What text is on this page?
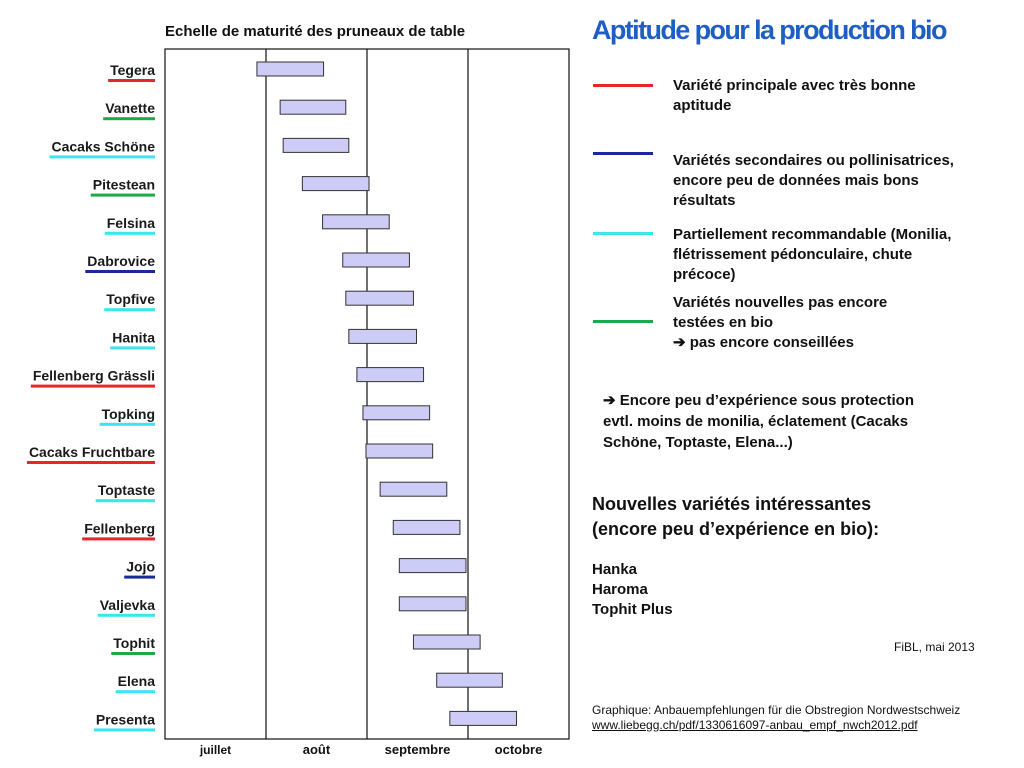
Echelle de maturité des pruneaux de table
juillet	août	septembre	octobre
Tegera
Vanette
Cacaks Schöne
Pitestean
Felsina
Dabrovice
Topfive
Hanita
Fellenberg Grässli
Topking
Cacaks Fruchtbare
Toptaste
Fellenberg
Jojo
Valjevka
Tophit
Elena
Presenta
Aptitude pour la production bio
Variété principale avec très bonne
aptitude
Variétés secondaires ou pollinisatrices,
encore peu de données mais bons
résultats
Partiellement recommandable (Monilia,
flétrissement pédonculaire, chute
précoce)
Variétés nouvelles pas encore
testées en bio
➔ pas encore conseillées
➔ Encore peu d’expérience sous protection
evtl. moins de monilia, éclatement (Cacaks
Schöne, Toptaste, Elena...)
Nouvelles variétés intéressantes
(encore peu d’expérience en bio):
Hanka
Haroma
Tophit Plus
FiBL, mai 2013
Graphique: Anbauempfehlungen für die Obstregion Nordwestschweiz
www.liebegg.ch/pdf/1330616097-anbau_empf_nwch2012.pdf
